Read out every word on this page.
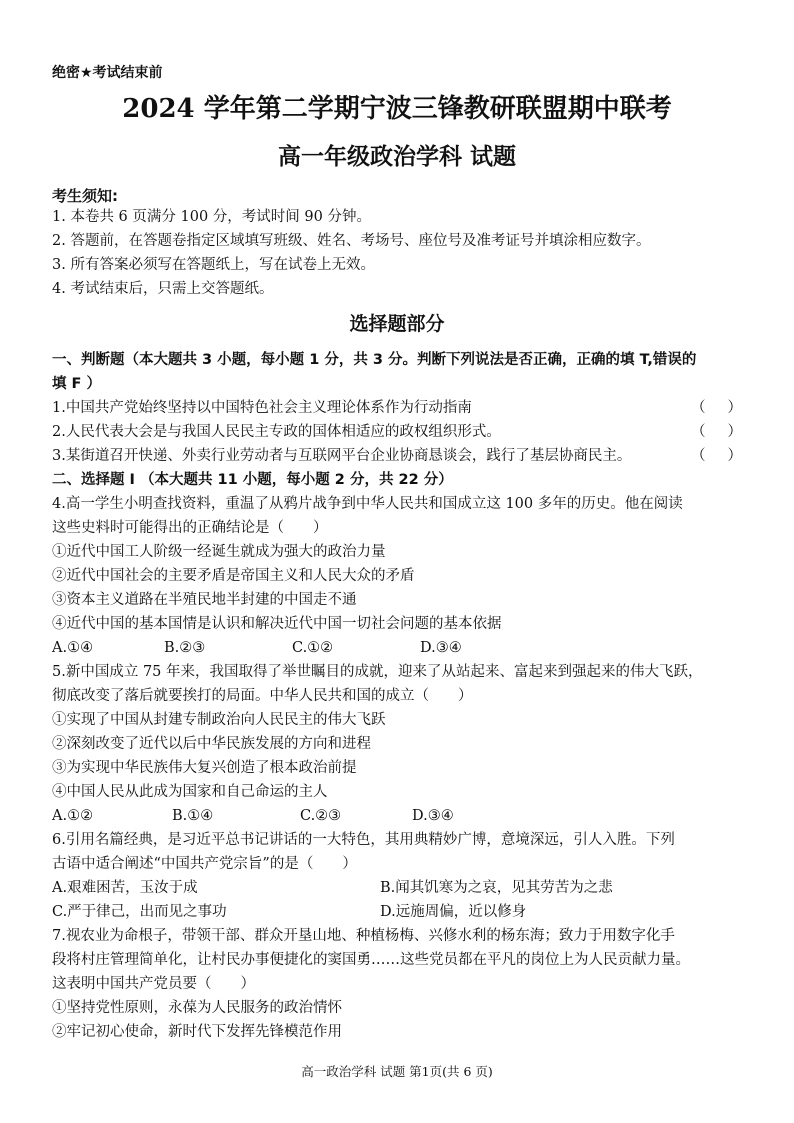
绝密★考试结束前
2024 学年第二学期宁波三锋教研联盟期中联考
高一年级政治学科 试题
考生须知:
1. 本卷共 6 页满分 100 分，考试时间 90 分钟。
2. 答题前，在答题卷指定区域填写班级、姓名、考场号、座位号及准考证号并填涂相应数字。
3. 所有答案必须写在答题纸上，写在试卷上无效。
4. 考试结束后，只需上交答题纸。
选择题部分
一、判断题（本大题共 3 小题，每小题 1 分，共 3 分。判断下列说法是否正确，正确的填 T,错误的
填 F ）
1.中国共产党始终坚持以中国特色社会主义理论体系作为行动指南	（ ）
2.人民代表大会是与我国人民民主专政的国体相适应的政权组织形式。	（ ）
3.某街道召开快递、外卖行业劳动者与互联网平台企业协商恳谈会，践行了基层协商民主。	（ ）
二、选择题 I （本大题共 11 小题，每小题 2 分，共 22 分）
4.高一学生小明查找资料，重温了从鸦片战争到中华人民共和国成立这 100 多年的历史。他在阅读
这些史料时可能得出的正确结论是（　　）
①近代中国工人阶级一经诞生就成为强大的政治力量
②近代中国社会的主要矛盾是帝国主义和人民大众的矛盾
③资本主义道路在半殖民地半封建的中国走不通
④近代中国的基本国情是认识和解决近代中国一切社会问题的基本依据
A.①④	B.②③	C.①②	D.③④
5.新中国成立 75 年来，我国取得了举世瞩目的成就，迎来了从站起来、富起来到强起来的伟大飞跃，
彻底改变了落后就要挨打的局面。中华人民共和国的成立（　　）
①实现了中国从封建专制政治向人民民主的伟大飞跃
②深刻改变了近代以后中华民族发展的方向和进程
③为实现中华民族伟大复兴创造了根本政治前提
④中国人民从此成为国家和自己命运的主人
A.①②	B.①④	C.②③	D.③④
6.引用名篇经典，是习近平总书记讲话的一大特色，其用典精妙广博，意境深远，引人入胜。下列
古语中适合阐述“中国共产党宗旨”的是（　　）
A.艰难困苦，玉汝于成	B.闻其饥寒为之哀，见其劳苦为之悲
C.严于律己，出而见之事功	D.远施周偏，近以修身
7.视农业为命根子，带领干部、群众开垦山地、种植杨梅、兴修水利的杨东海；致力于用数字化手
段将村庄管理简单化，让村民办事便捷化的窦国勇……这些党员都在平凡的岗位上为人民贡献力量。
这表明中国共产党员要（　　）
①坚持党性原则，永葆为人民服务的政治情怀
②牢记初心使命，新时代下发挥先锋模范作用
高一政治学科 试题 第1页(共 6 页)
